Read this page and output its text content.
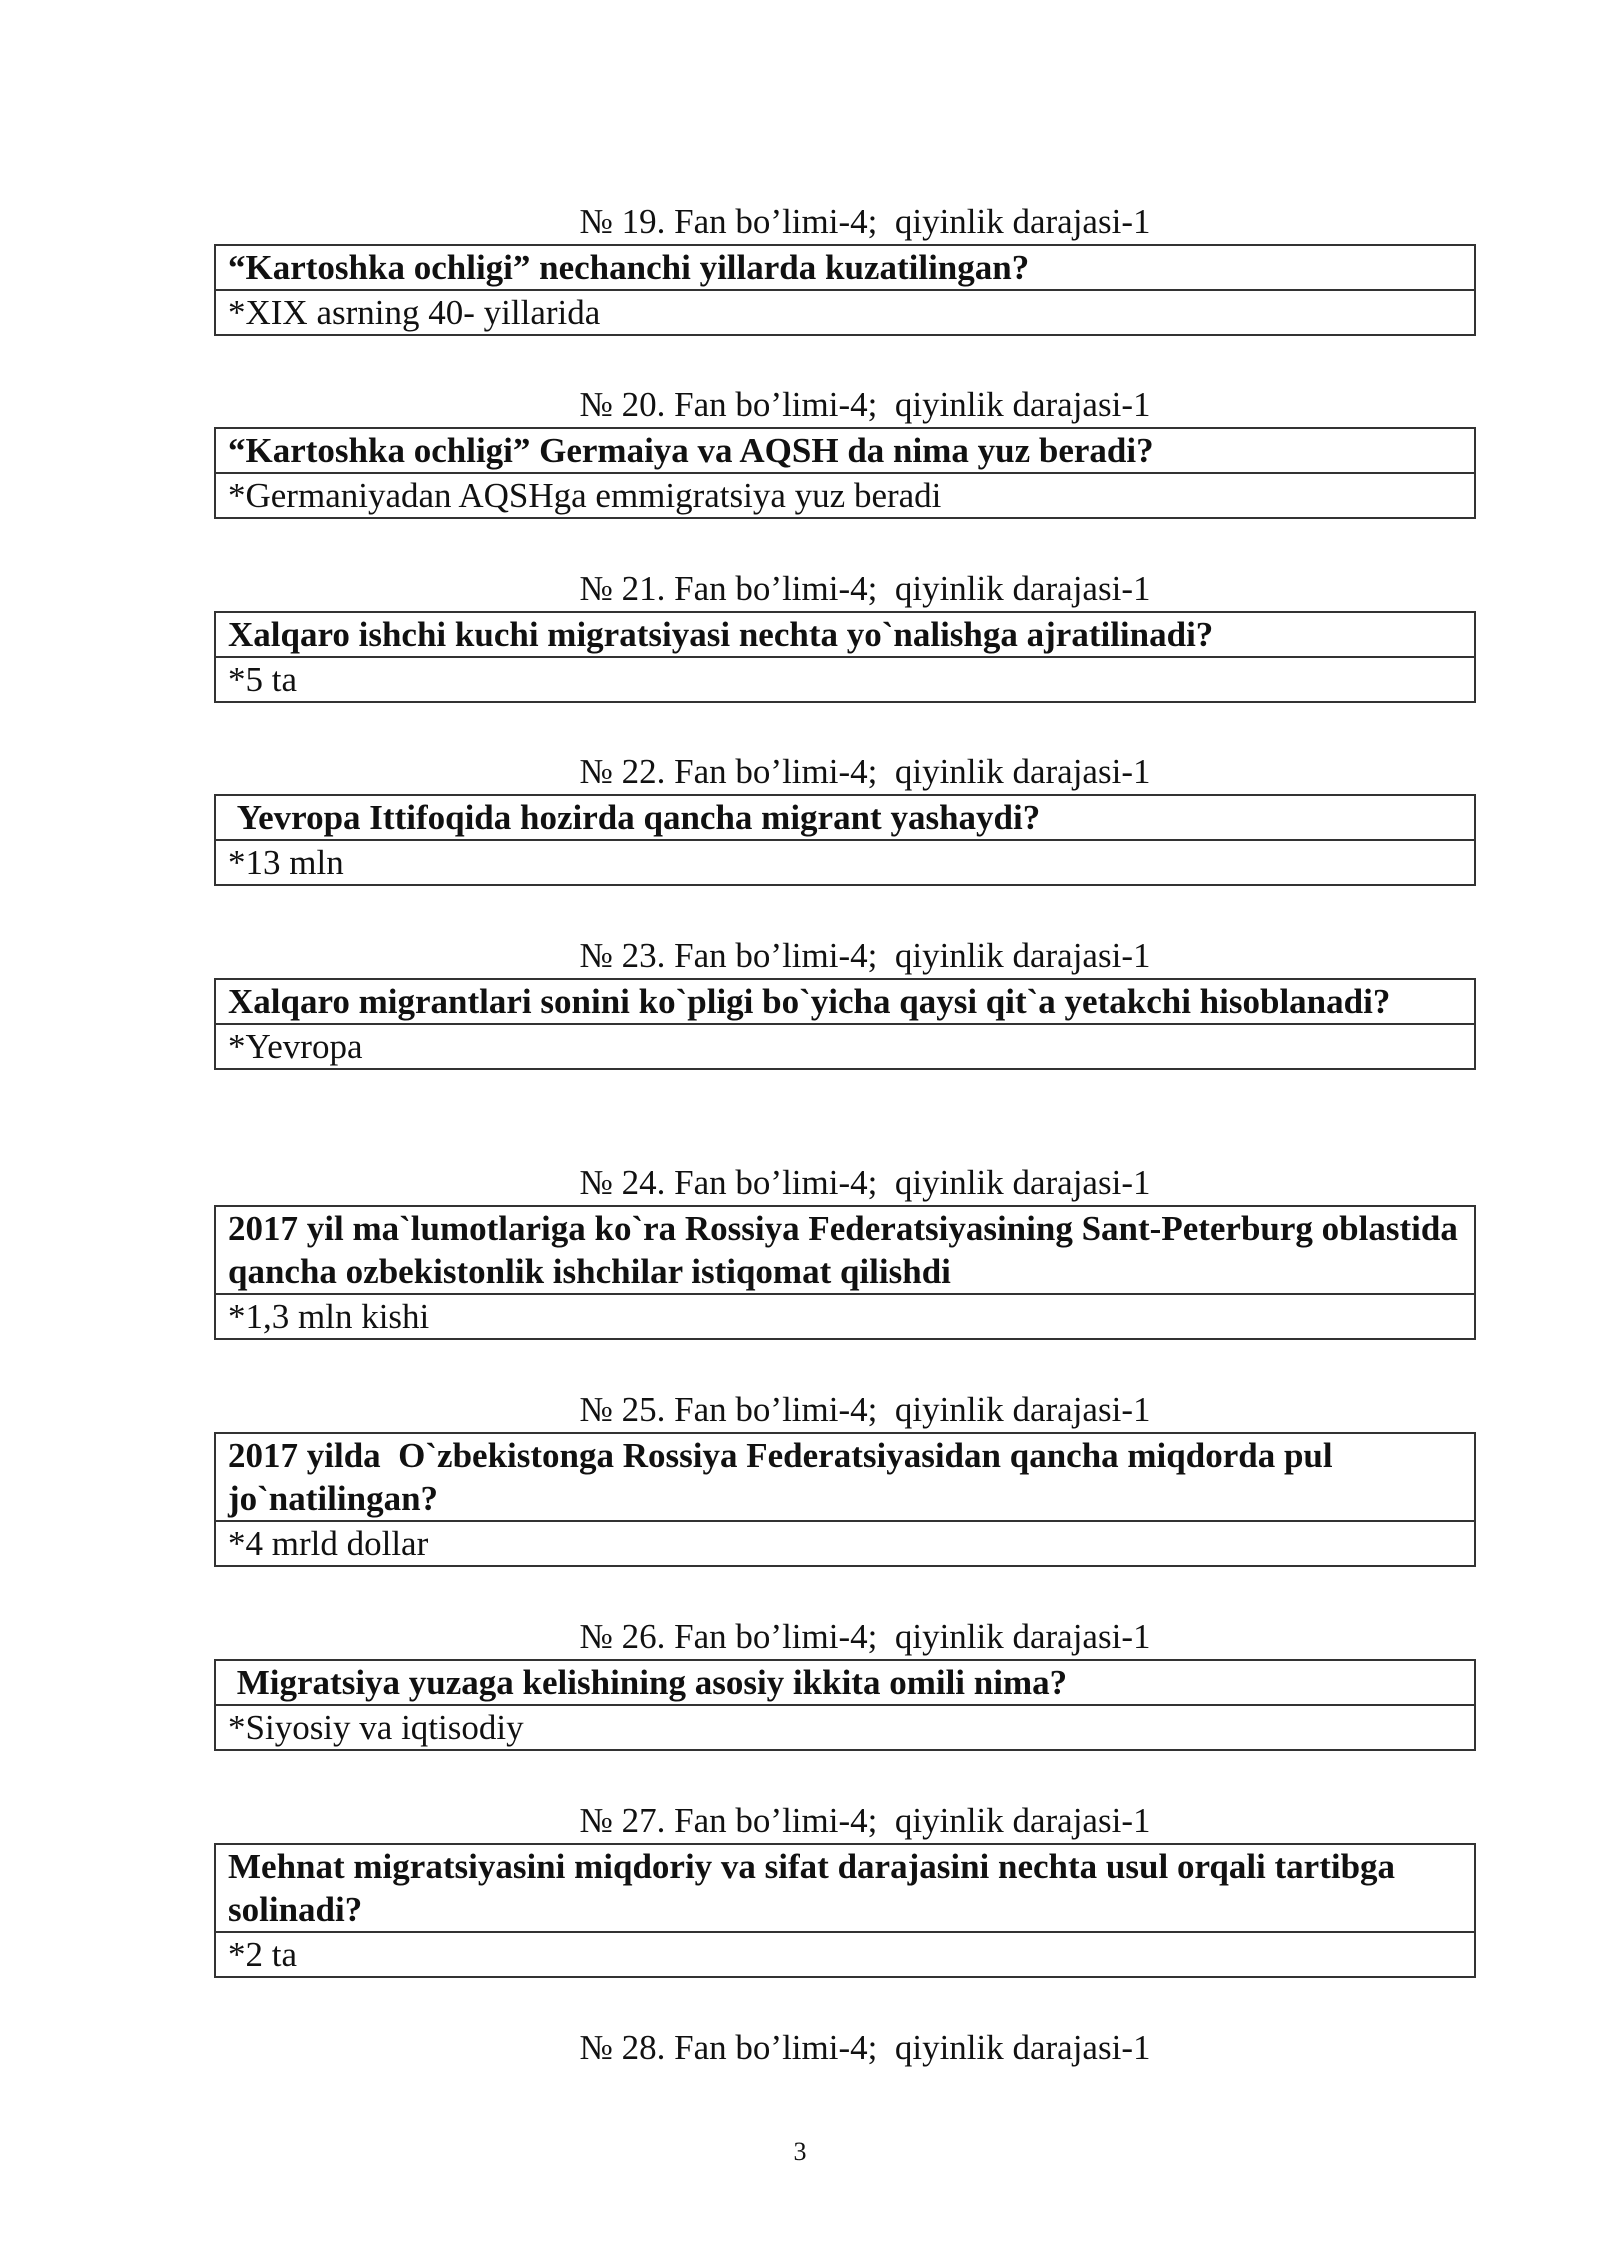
№ 19. Fan bo’limi-4;  qiyinlik darajasi-1
“Kartoshka ochligi” nechanchi yillarda kuzatilingan?
*XIX asrning 40- yillarida
№ 20. Fan bo’limi-4;  qiyinlik darajasi-1
“Kartoshka ochligi” Germaiya va AQSH da nima yuz beradi?
*Germaniyadan AQSHga emmigratsiya yuz beradi
№ 21. Fan bo’limi-4;  qiyinlik darajasi-1
Xalqaro ishchi kuchi migratsiyasi nechta yo`nalishga ajratilinadi?
*5 ta
№ 22. Fan bo’limi-4;  qiyinlik darajasi-1
Yevropa Ittifoqida hozirda qancha migrant yashaydi?
*13 mln
№ 23. Fan bo’limi-4;  qiyinlik darajasi-1
Xalqaro migrantlari sonini ko`pligi bo`yicha qaysi qit`a yetakchi hisoblanadi?
*Yevropa
№ 24. Fan bo’limi-4;  qiyinlik darajasi-1
2017 yil ma`lumotlariga ko`ra Rossiya Federatsiyasining Sant-Peterburg oblastida qancha ozbekistonlik ishchilar istiqomat qilishdi
*1,3 mln kishi
№ 25. Fan bo’limi-4;  qiyinlik darajasi-1
2017 yilda  O`zbekistonga Rossiya Federatsiyasidan qancha miqdorda pul jo`natilingan?
*4 mrld dollar
№ 26. Fan bo’limi-4;  qiyinlik darajasi-1
Migratsiya yuzaga kelishining asosiy ikkita omili nima?
*Siyosiy va iqtisodiy
№ 27. Fan bo’limi-4;  qiyinlik darajasi-1
Mehnat migratsiyasini miqdoriy va sifat darajasini nechta usul orqali tartibga solinadi?
*2 ta
№ 28. Fan bo’limi-4;  qiyinlik darajasi-1
3
